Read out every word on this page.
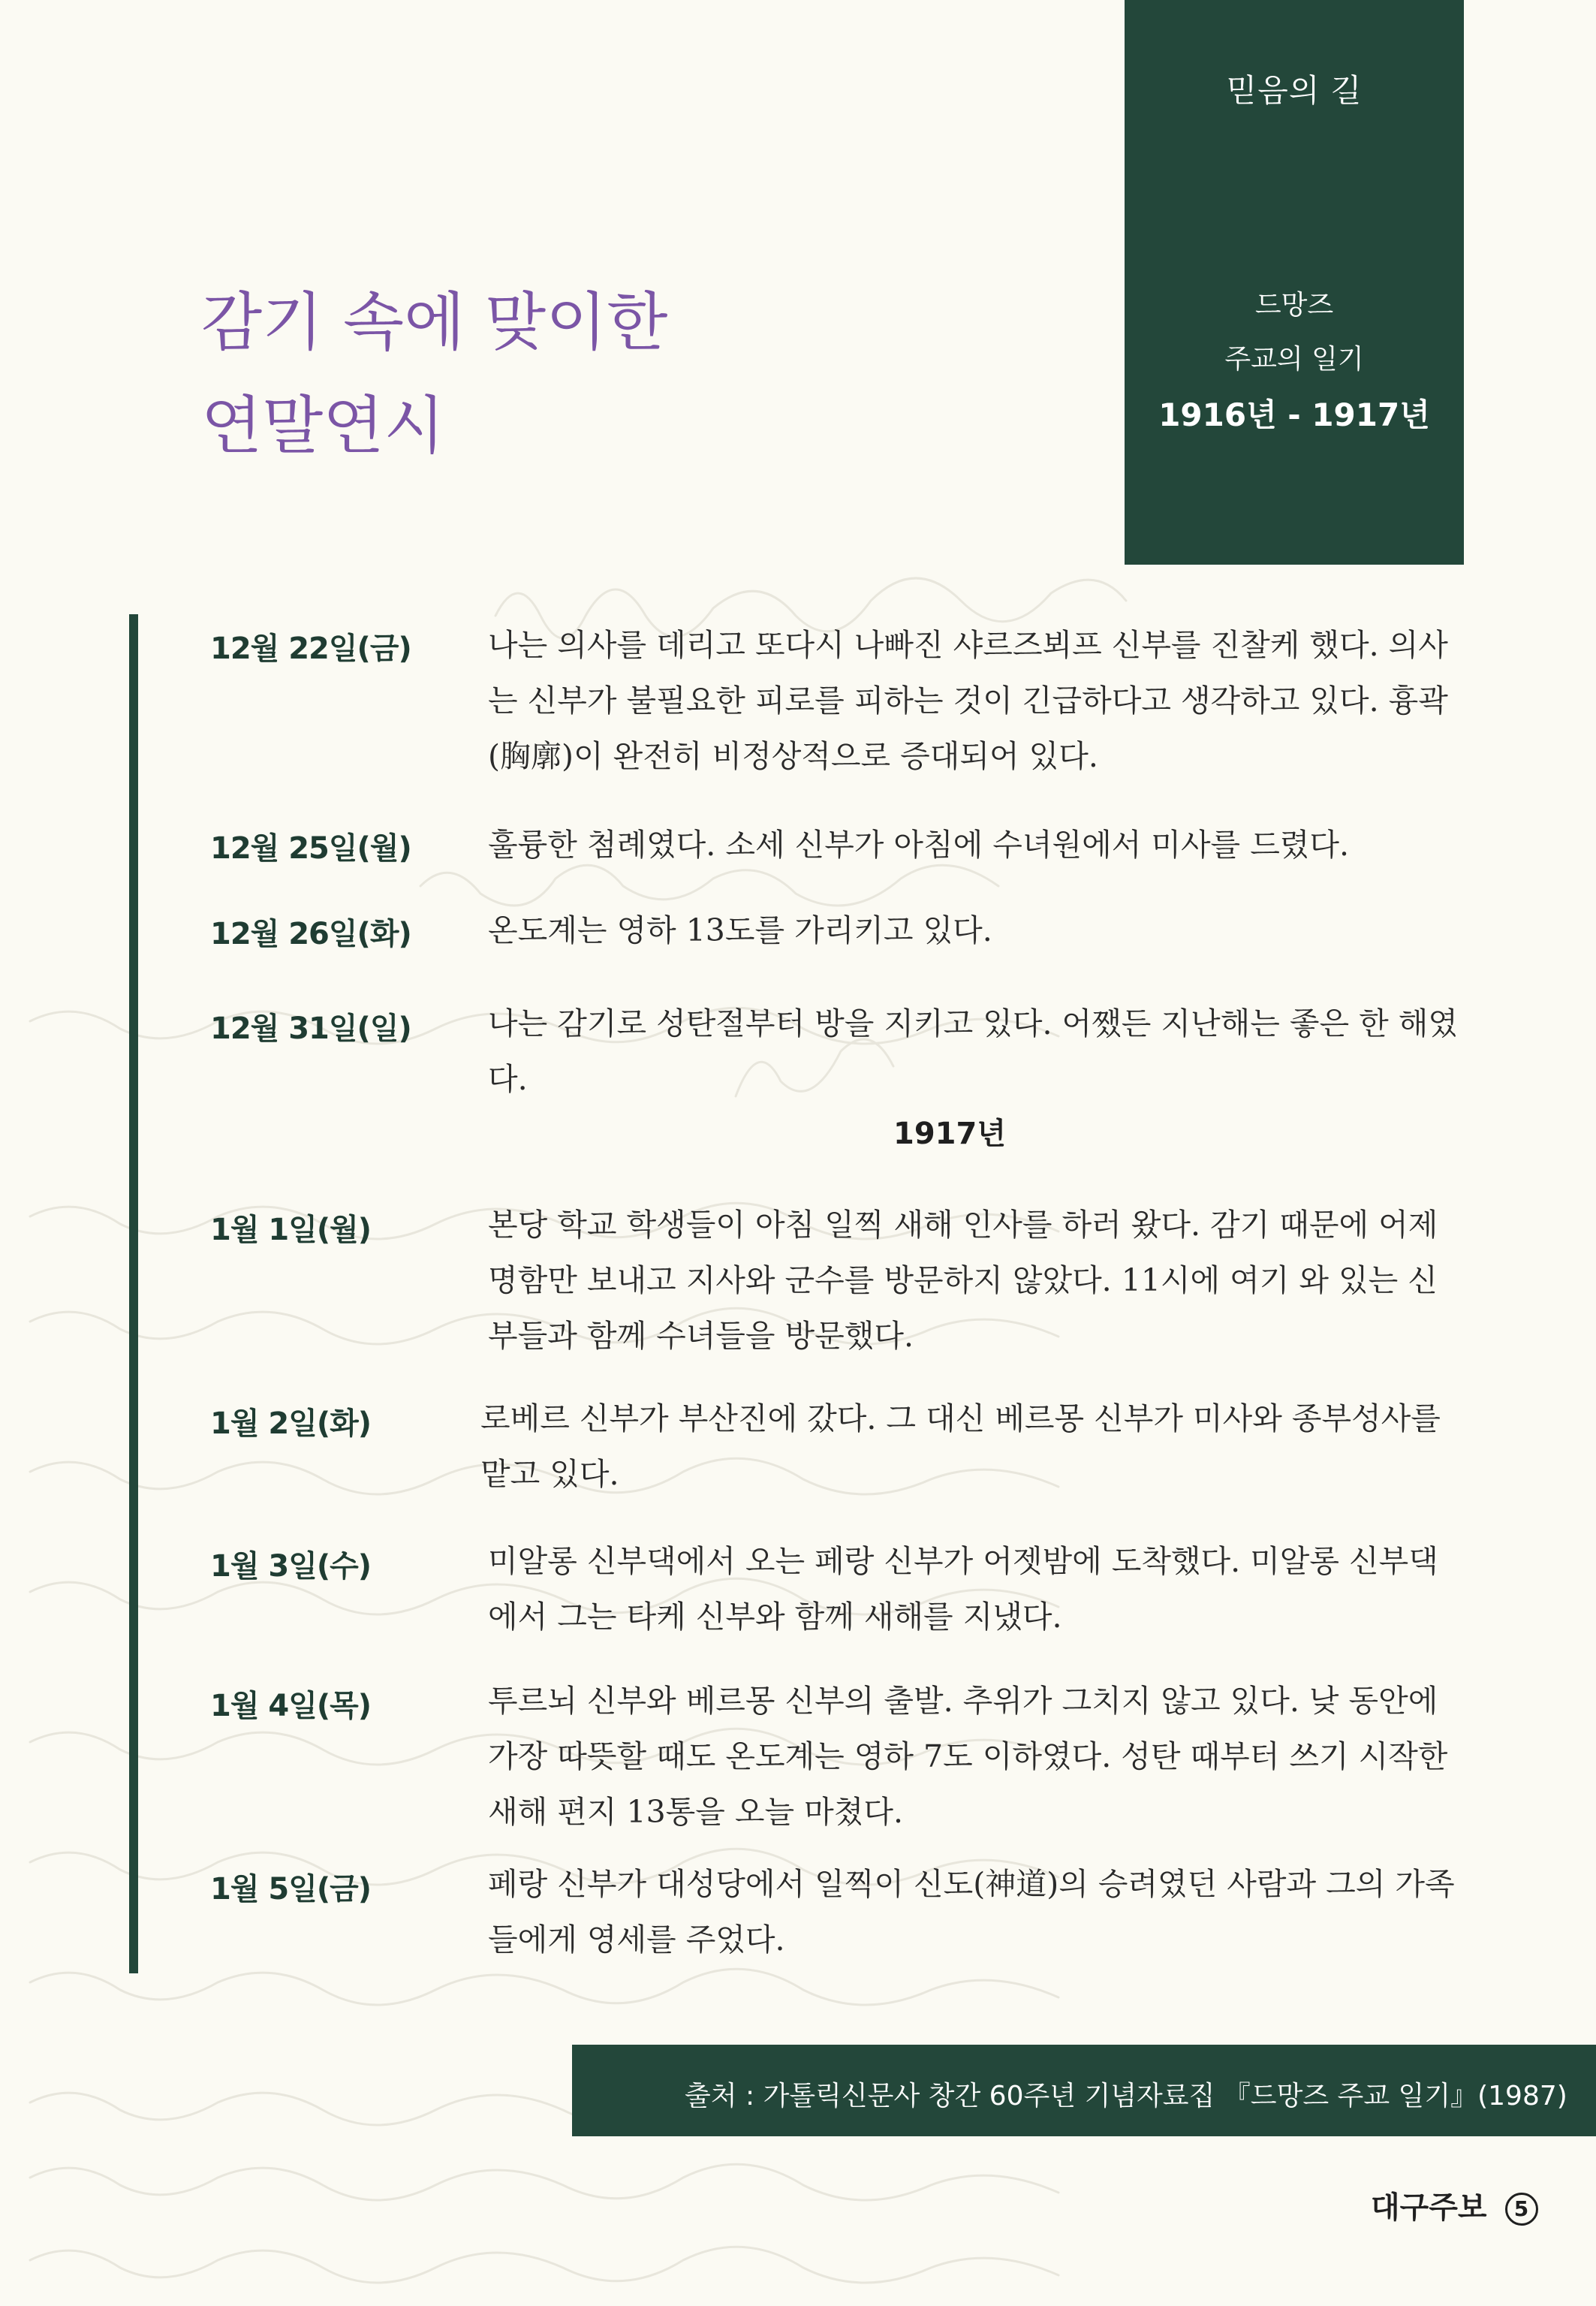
믿음의 길
드망즈
주교의 일기
1916년 - 1917년
감기 속에 맞이한
연말연시
12월 22일(금) 나는 의사를 데리고 또다시 나빠진 샤르즈뵈프 신부를 진찰케 했다. 의사는 신부가 불필요한 피로를 피하는 것이 긴급하다고 생각하고 있다. 흉곽(胸廓)이 완전히 비정상적으로 증대되어 있다.
12월 25일(월) 훌륭한 첨례였다. 소세 신부가 아침에 수녀원에서 미사를 드렸다.
12월 26일(화) 온도계는 영하 13도를 가리키고 있다.
12월 31일(일) 나는 감기로 성탄절부터 방을 지키고 있다. 어쨌든 지난해는 좋은 한 해였다.
1917년
1월 1일(월)	본당 학교 학생들이 아침 일찍 새해 인사를 하러 왔다. 감기 때문에 어제 명함만 보내고 지사와 군수를 방문하지 않았다. 11시에 여기 와 있는 신부들과 함께 수녀들을 방문했다.
1월 2일(화)	로베르 신부가 부산진에 갔다. 그 대신 베르몽 신부가 미사와 종부성사를 맡고 있다.
1월 3일(수)	미알롱 신부댁에서 오는 페랑 신부가 어젯밤에 도착했다. 미알롱 신부댁에서 그는 타케 신부와 함께 새해를 지냈다.
1월 4일(목)	투르뇌 신부와 베르몽 신부의 출발. 추위가 그치지 않고 있다. 낮 동안에 가장 따뜻할 때도 온도계는 영하 7도 이하였다. 성탄 때부터 쓰기 시작한 새해 편지 13통을 오늘 마쳤다.
1월 5일(금)	페랑 신부가 대성당에서 일찍이 신도(神道)의 승려였던 사람과 그의 가족들에게 영세를 주었다.
출처 : 가톨릭신문사 창간 60주년 기념자료집 『드망즈 주교 일기』(1987)
대구주보 5
